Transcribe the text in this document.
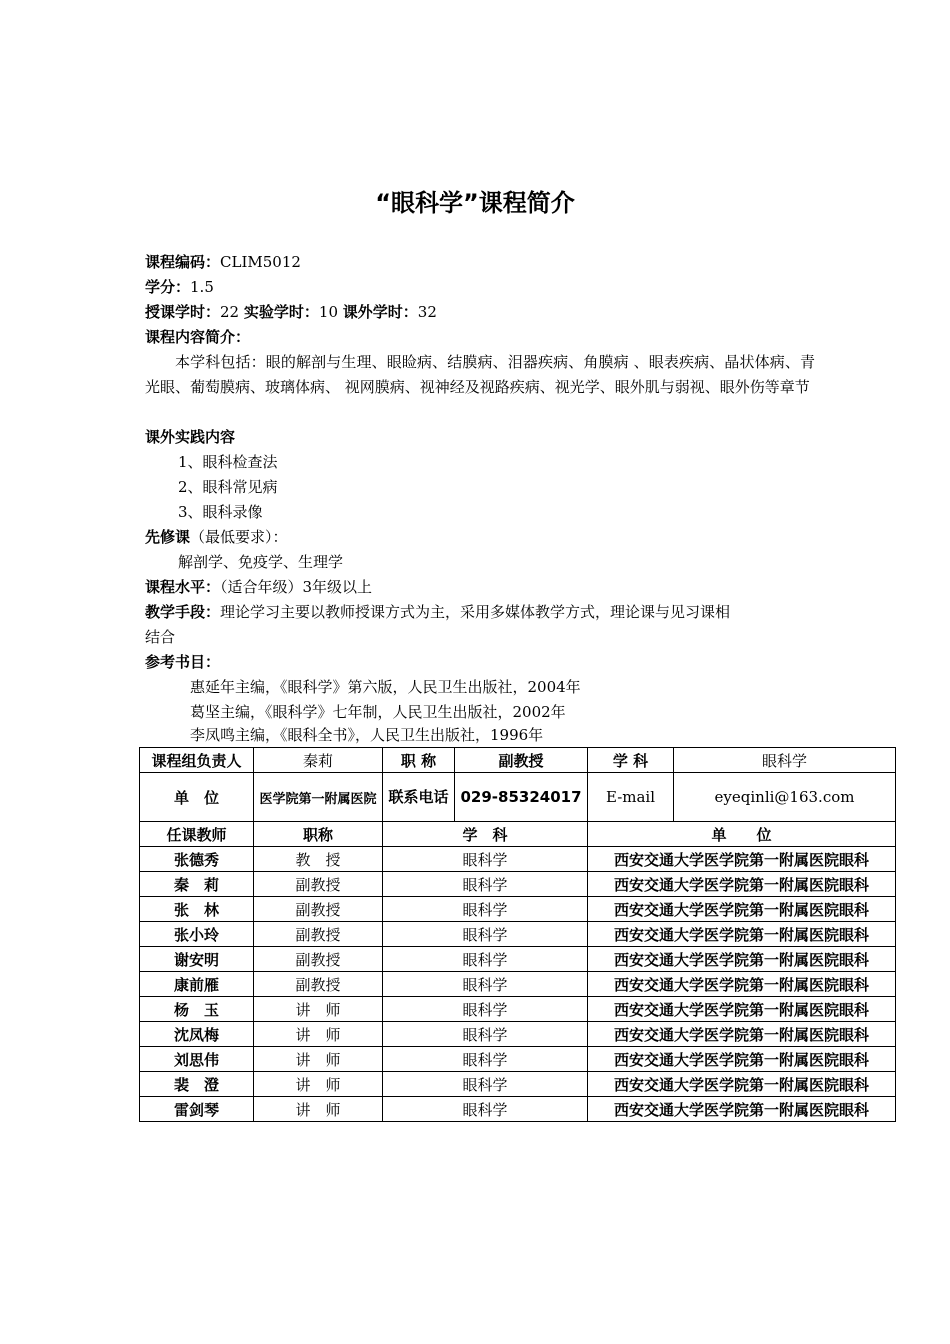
“眼科学”课程简介
课程编码：CLIM5012
学分：1.5
授课学时：22 实验学时：10 课外学时：32
课程内容简介：
本学科包括：眼的解剖与生理、眼睑病、结膜病、泪器疾病、角膜病 、眼表疾病、晶状体病、青光眼、葡萄膜病、玻璃体病、 视网膜病、视神经及视路疾病、视光学、眼外肌与弱视、眼外伤等章节
课外实践内容
1、眼科检查法
2、眼科常见病
3、眼科录像
先修课（最低要求）：
解剖学、免疫学、生理学
课程水平：（适合年级）3年级以上
教学手段：理论学习主要以教师授课方式为主，采用多媒体教学方式，理论课与见习课相
结合
参考书目：
惠延年主编，《眼科学》第六版，人民卫生出版社，2004年
葛坚主编，《眼科学》七年制，人民卫生出版社，2002年
李凤鸣主编，《眼科全书》，人民卫生出版社，1996年
课程组负责人	秦莉	职 称	副教授	学 科	眼科学
单　位	医学院第一附属医院	联系电话	029-85324017	E-mail	eyeqinli@163.com
任课教师	职称	学　科		单　　位	
张德秀	教　授	眼科学		西安交通大学医学院第一附属医院眼科	
秦　莉	副教授	眼科学		西安交通大学医学院第一附属医院眼科	
张　林	副教授	眼科学		西安交通大学医学院第一附属医院眼科	
张小玲	副教授	眼科学		西安交通大学医学院第一附属医院眼科	
谢安明	副教授	眼科学		西安交通大学医学院第一附属医院眼科	
康前雁	副教授	眼科学		西安交通大学医学院第一附属医院眼科	
杨　玉	讲　师	眼科学		西安交通大学医学院第一附属医院眼科	
沈凤梅	讲　师	眼科学		西安交通大学医学院第一附属医院眼科	
刘思伟	讲　师	眼科学		西安交通大学医学院第一附属医院眼科	
裴　澄	讲　师	眼科学		西安交通大学医学院第一附属医院眼科	
雷剑琴	讲　师	眼科学		西安交通大学医学院第一附属医院眼科	
